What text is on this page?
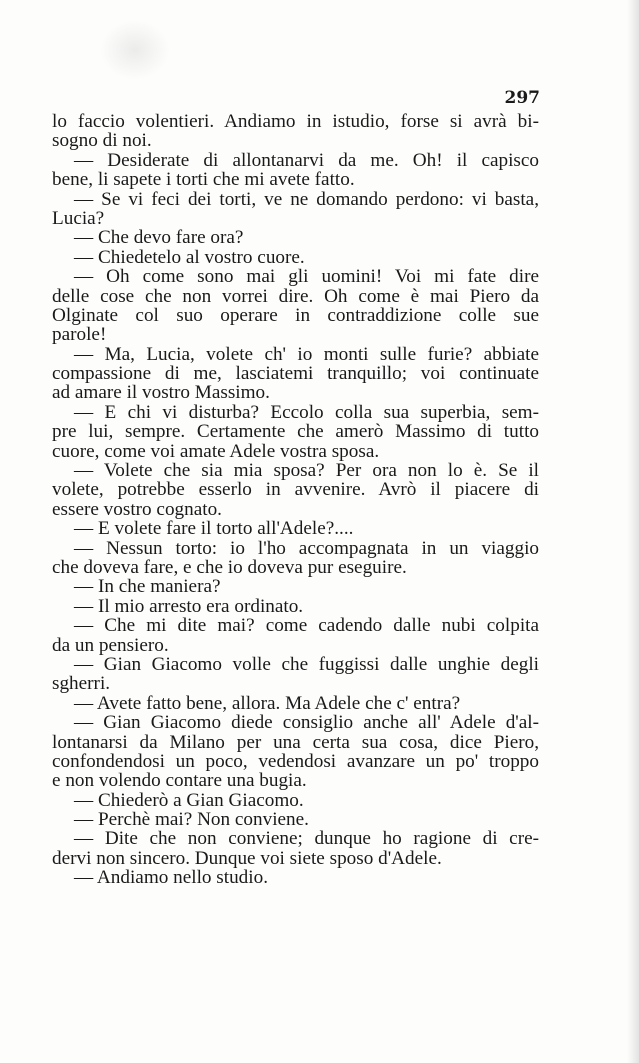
297

lo faccio volentieri. Andiamo in istudio, forse si avrà bi-
sogno di noi.
— Desiderate di allontanarvi da me. Oh! il capisco
bene, li sapete i torti che mi avete fatto.
— Se vi feci dei torti, ve ne domando perdono: vi basta,
Lucia?
— Che devo fare ora?
— Chiedetelo al vostro cuore.
— Oh come sono mai gli uomini! Voi mi fate dire
delle cose che non vorrei dire. Oh come è mai Piero da
Olginate col suo operare in contraddizione colle sue
parole!
— Ma, Lucia, volete ch' io monti sulle furie? abbiate
compassione di me, lasciatemi tranquillo; voi continuate
ad amare il vostro Massimo.
— E chi vi disturba? Eccolo colla sua superbia, sem-
pre lui, sempre. Certamente che amerò Massimo di tutto
cuore, come voi amate Adele vostra sposa.
— Volete che sia mia sposa? Per ora non lo è. Se il
volete, potrebbe esserlo in avvenire. Avrò il piacere di
essere vostro cognato.
— E volete fare il torto all'Adele?....
— Nessun torto: io l'ho accompagnata in un viaggio
che doveva fare, e che io doveva pur eseguire.
— In che maniera?
— Il mio arresto era ordinato.
— Che mi dite mai? come cadendo dalle nubi colpita
da un pensiero.
— Gian Giacomo volle che fuggissi dalle unghie degli
sgherri.
— Avete fatto bene, allora. Ma Adele che c' entra?
— Gian Giacomo diede consiglio anche all' Adele d'al-
lontanarsi da Milano per una certa sua cosa, dice Piero,
confondendosi un poco, vedendosi avanzare un po' troppo
e non volendo contare una bugia.
— Chiederò a Gian Giacomo.
— Perchè mai? Non conviene.
— Dite che non conviene; dunque ho ragione di cre-
dervi non sincero. Dunque voi siete sposo d'Adele.
— Andiamo nello studio.
